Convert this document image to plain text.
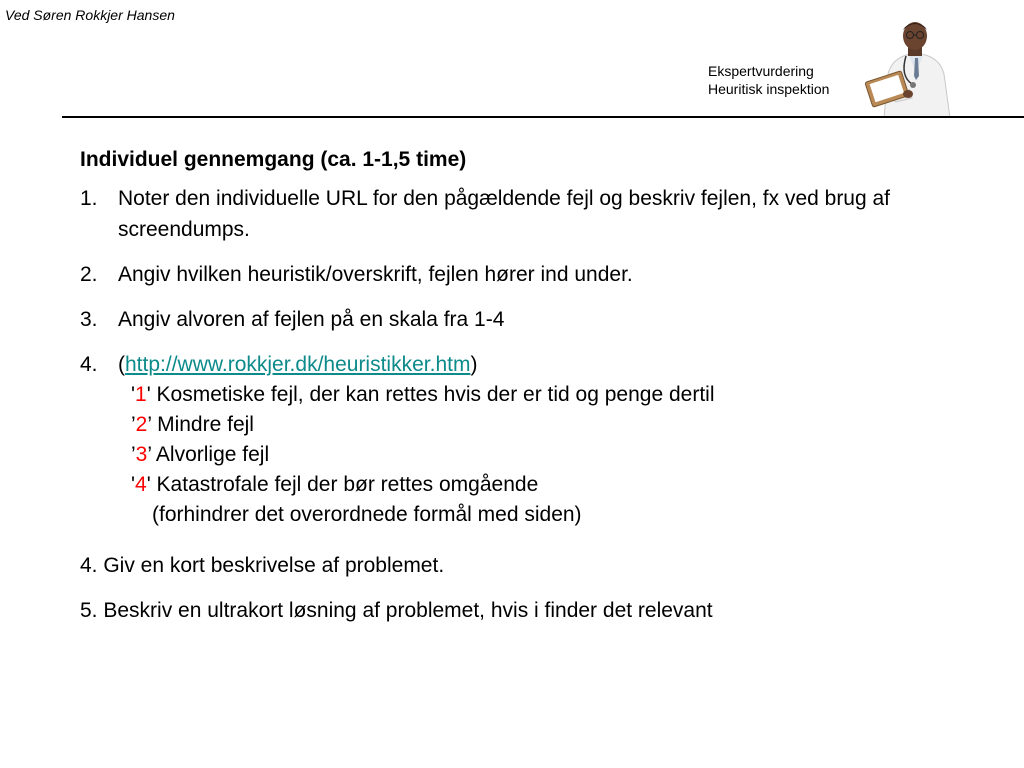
Ved Søren Rokkjer Hansen
Ekspertvurdering
Heuritisk inspektion
Individuel gennemgang (ca. 1-1,5 time)
1. Noter den individuelle URL for den pågældende fejl og beskriv fejlen, fx ved brug af screendumps.
2. Angiv hvilken heuristik/overskrift, fejlen hører ind under.
3. Angiv alvoren af fejlen på en skala fra 1-4
4. (http://www.rokkjer.dk/heuristikker.htm)
'1' Kosmetiske fejl, der kan rettes hvis der er tid og penge dertil
’2’ Mindre fejl
’3’ Alvorlige fejl
'4' Katastrofale fejl der bør rettes omgående
(forhindrer det overordnede formål med siden)
4. Giv en kort beskrivelse af problemet.
5. Beskriv en ultrakort løsning af problemet, hvis i finder det relevant
